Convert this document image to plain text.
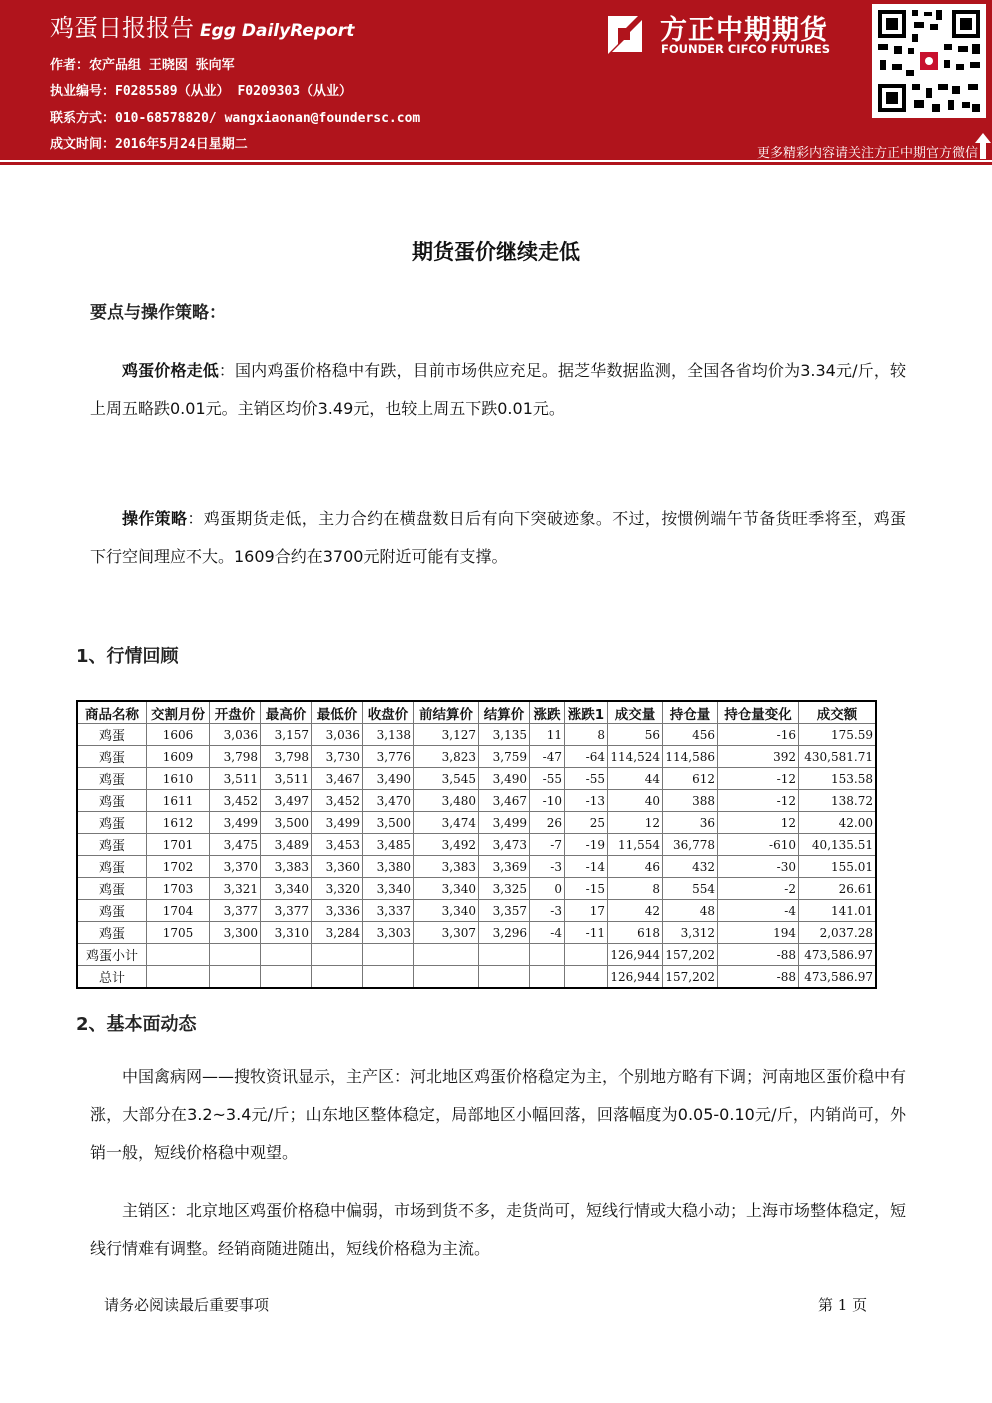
鸡蛋日报报告 Egg DailyReport
作者：农产品组 王晓囡 张向军
执业编号：F0285589（从业） F0209303（从业）
联系方式：010-68578820/ wangxiaonan@foundersc.com
成文时间：2016年5月24日星期二
方正中期期货
FOUNDER CIFCO FUTURES
更多精彩内容请关注方正中期官方微信
期货蛋价继续走低
要点与操作策略：
鸡蛋价格走低：国内鸡蛋价格稳中有跌，目前市场供应充足。据芝华数据监测，全国各省均价为3.34元/斤，较上周五略跌0.01元。主销区均价3.49元，也较上周五下跌0.01元。
操作策略：鸡蛋期货走低，主力合约在横盘数日后有向下突破迹象。不过，按惯例端午节备货旺季将至，鸡蛋下行空间理应不大。1609合约在3700元附近可能有支撑。
1、行情回顾
商品名称	交割月份	开盘价	最高价	最低价	收盘价	前结算价	结算价	涨跌	涨跌1	成交量	持仓量	持仓量变化	成交额
鸡蛋	1606	3,036	3,157	3,036	3,138	3,127	3,135	11	8	56	456	-16	175.59
鸡蛋	1609	3,798	3,798	3,730	3,776	3,823	3,759	-47	-64	114,524	114,586	392	430,581.71
鸡蛋	1610	3,511	3,511	3,467	3,490	3,545	3,490	-55	-55	44	612	-12	153.58
鸡蛋	1611	3,452	3,497	3,452	3,470	3,480	3,467	-10	-13	40	388	-12	138.72
鸡蛋	1612	3,499	3,500	3,499	3,500	3,474	3,499	26	25	12	36	12	42.00
鸡蛋	1701	3,475	3,489	3,453	3,485	3,492	3,473	-7	-19	11,554	36,778	-610	40,135.51
鸡蛋	1702	3,370	3,383	3,360	3,380	3,383	3,369	-3	-14	46	432	-30	155.01
鸡蛋	1703	3,321	3,340	3,320	3,340	3,340	3,325	0	-15	8	554	-2	26.61
鸡蛋	1704	3,377	3,377	3,336	3,337	3,340	3,357	-3	17	42	48	-4	141.01
鸡蛋	1705	3,300	3,310	3,284	3,303	3,307	3,296	-4	-11	618	3,312	194	2,037.28
鸡蛋小计										126,944	157,202	-88	473,586.97
总计										126,944	157,202	-88	473,586.97
2、基本面动态
中国禽病网——搜牧资讯显示，主产区：河北地区鸡蛋价格稳定为主，个别地方略有下调；河南地区蛋价稳中有涨，大部分在3.2~3.4元/斤；山东地区整体稳定，局部地区小幅回落，回落幅度为0.05-0.10元/斤，内销尚可，外销一般，短线价格稳中观望。
主销区：北京地区鸡蛋价格稳中偏弱，市场到货不多，走货尚可，短线行情或大稳小动；上海市场整体稳定，短线行情难有调整。经销商随进随出，短线价格稳为主流。
请务必阅读最后重要事项	第 1 页
